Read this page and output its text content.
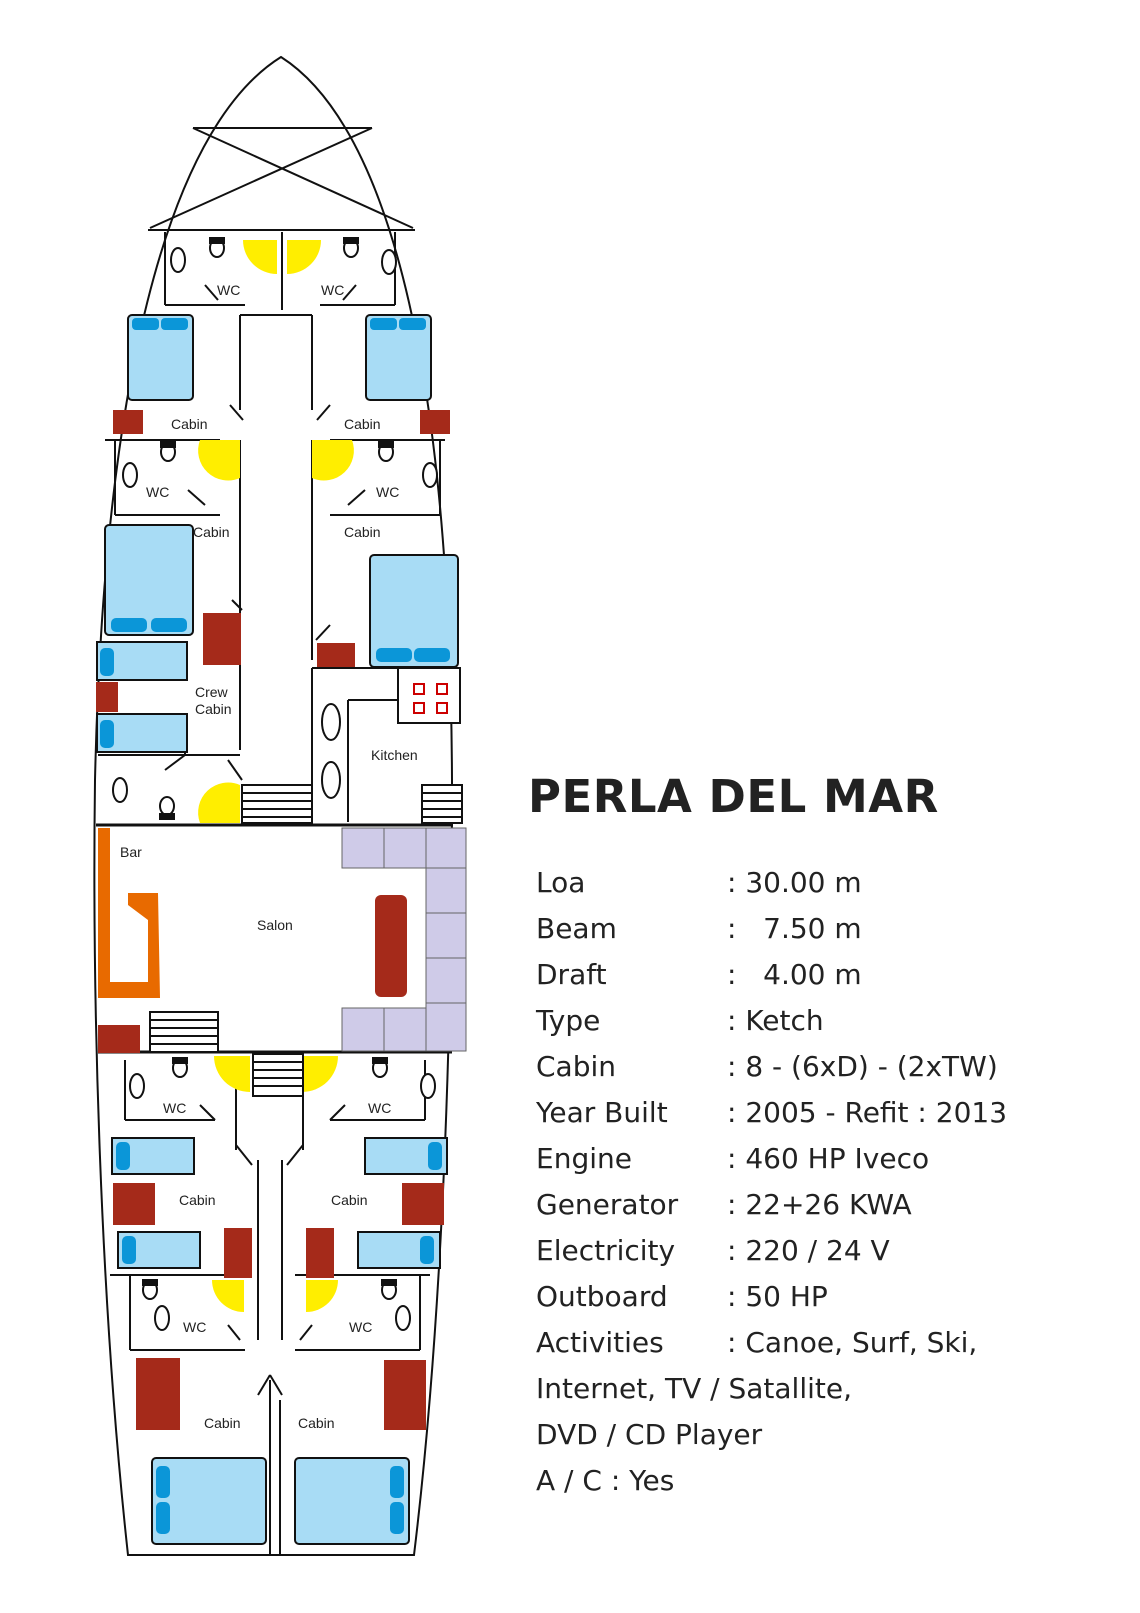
WC	WC
Cabin	Cabin
WC	WC
Cabin	Cabin
Crew
Cabin
Kitchen
Bar
Salon
WC	WC
Cabin	Cabin
WC	WC
Cabin	Cabin
PERLA DEL MAR
Loa	: 30.00 m
Beam	:   7.50 m
Draft	:   4.00 m
Type	: Ketch
Cabin	: 8 - (6xD) - (2xTW)
Year Built	: 2005 - Refit : 2013
Engine	: 460 HP Iveco
Generator	: 22+26 KWA
Electricity	: 220 / 24 V
Outboard	: 50 HP
Activities	: Canoe, Surf, Ski,
Internet, TV / Satallite,
DVD / CD Player
A / C : Yes
